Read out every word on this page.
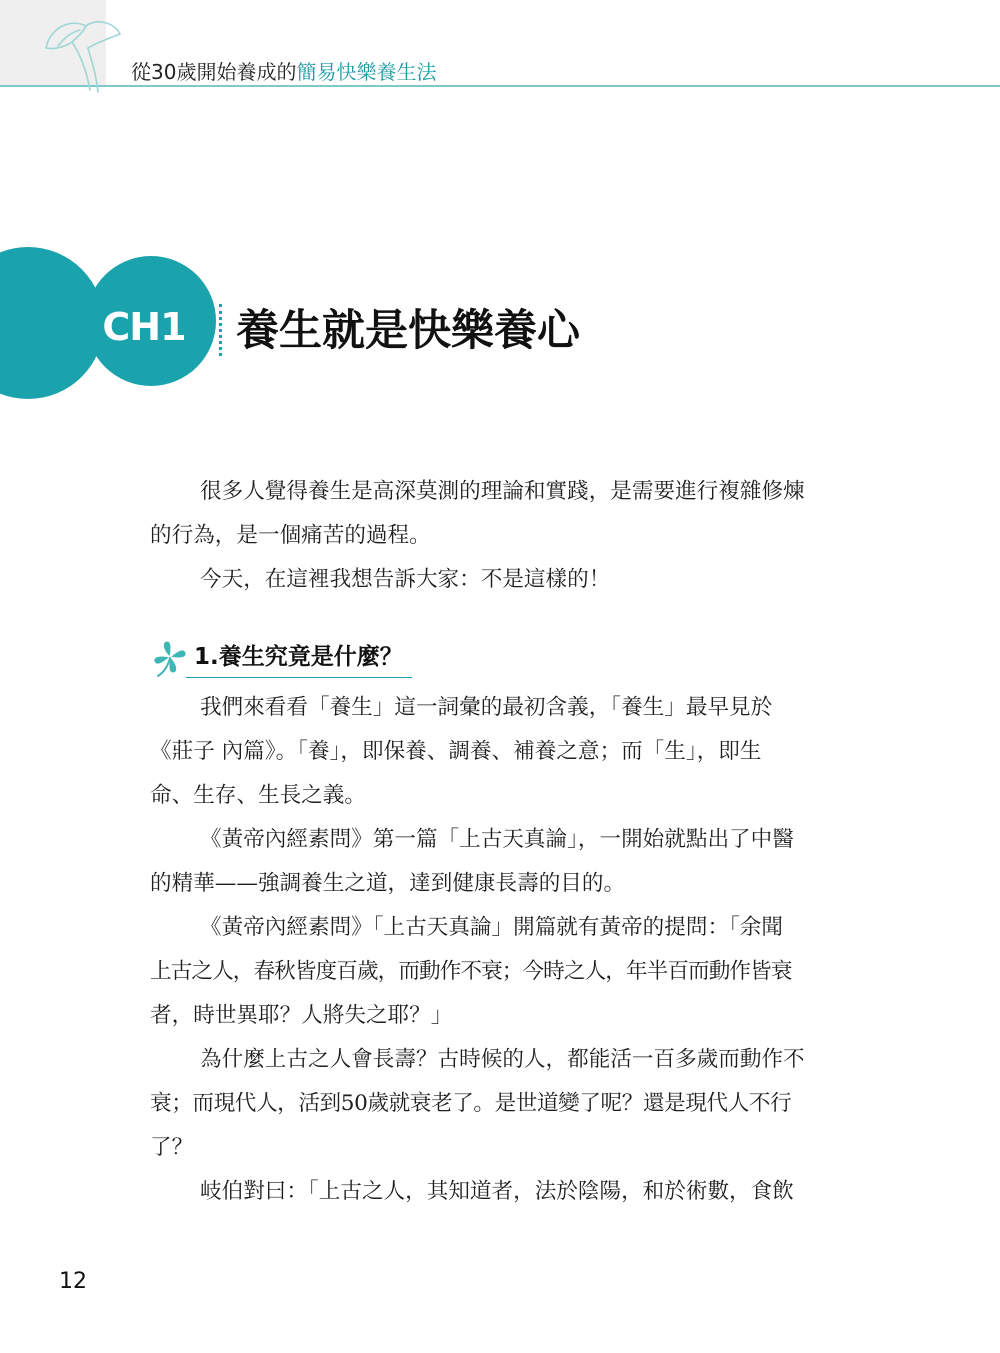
從30歲開始養成的簡易快樂養生法
CH1	養生就是快樂養心

很多人覺得養生是高深莫測的理論和實踐，是需要進行複雜修煉

的行為，是一個痛苦的過程。

今天，在這裡我想告訴大家：不是這樣的！

1.養生究竟是什麼？

我們來看看「養生」這一詞彙的最初含義，「養生」最早見於

《莊子 內篇》。「養」，即保養、調養、補養之意；而「生」，即生

命、生存、生長之義。

《黃帝內經素問》第一篇「上古天真論」，一開始就點出了中醫

的精華——強調養生之道，達到健康長壽的目的。

《黃帝內經素問》「上古天真論」開篇就有黃帝的提問：「余聞

上古之人，春秋皆度百歲，而動作不衰；今時之人，年半百而動作皆衰

者，時世異耶？人將失之耶？」

為什麼上古之人會長壽？古時候的人，都能活一百多歲而動作不

衰；而現代人，活到50歲就衰老了。是世道變了呢？還是現代人不行

了？

岐伯對曰：「上古之人，其知道者，法於陰陽，和於術數，食飲

12
